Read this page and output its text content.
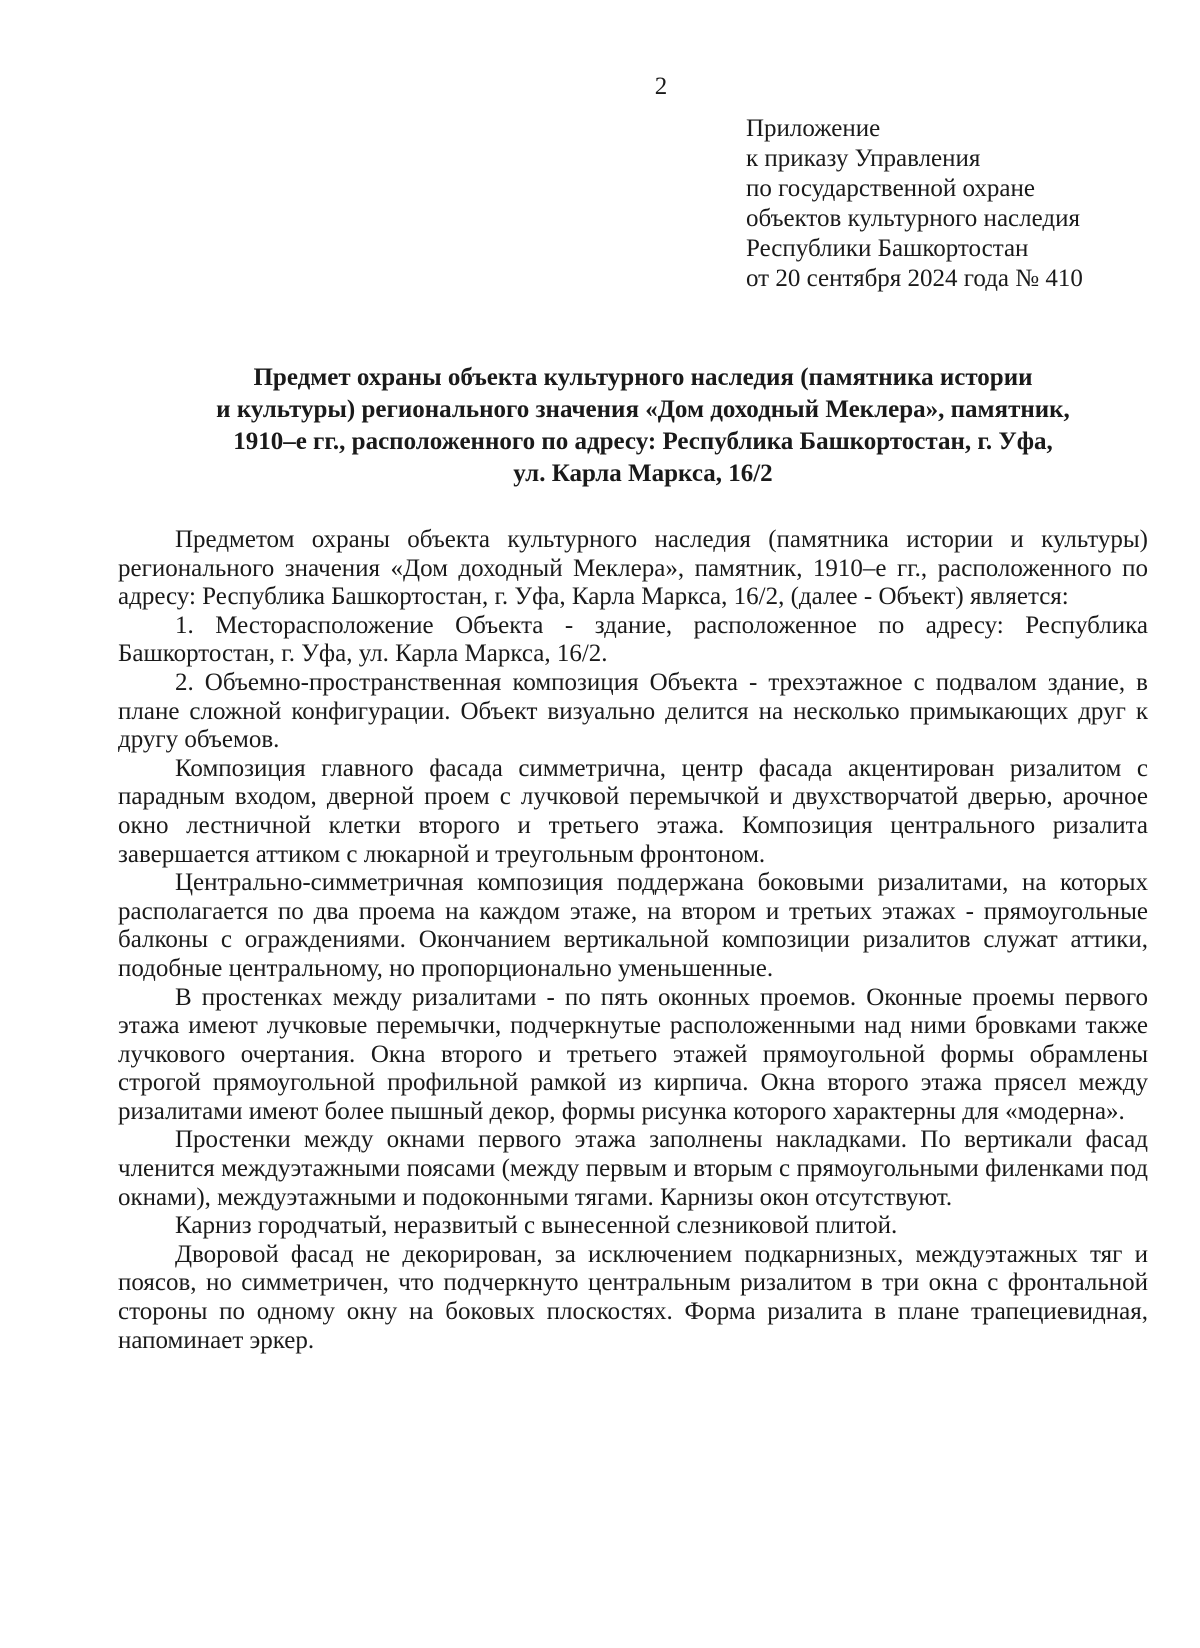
2
Приложение
к приказу Управления
по государственной охране
объектов культурного наследия
Республики Башкортостан
от 20 сентября 2024 года № 410
Предмет охраны объекта культурного наследия (памятника истории
и культуры) регионального значения «Дом доходный Меклера», памятник,
1910–е гг., расположенного по адресу: Республика Башкортостан, г. Уфа,
ул. Карла Маркса, 16/2

Предметом охраны объекта культурного наследия (памятника истории и культуры) регионального значения «Дом доходный Меклера», памятник, 1910–е гг., расположенного по адресу: Республика Башкортостан, г. Уфа, Карла Маркса, 16/2, (далее - Объект) является:

1. Месторасположение Объекта - здание, расположенное по адресу: Республика Башкортостан, г. Уфа, ул. Карла Маркса, 16/2.

2. Объемно-пространственная композиция Объекта - трехэтажное с подвалом здание, в плане сложной конфигурации. Объект визуально делится на несколько примыкающих друг к другу объемов.

Композиция главного фасада симметрична, центр фасада акцентирован ризалитом с парадным входом, дверной проем с лучковой перемычкой и двухстворчатой дверью, арочное окно лестничной клетки второго и третьего этажа. Композиция центрального ризалита завершается аттиком с люкарной и треугольным фронтоном.

Центрально-симметричная композиция поддержана боковыми ризалитами, на которых располагается по два проема на каждом этаже, на втором и третьих этажах - прямоугольные балконы с ограждениями. Окончанием вертикальной композиции ризалитов служат аттики, подобные центральному, но пропорционально уменьшенные.

В простенках между ризалитами - по пять оконных проемов. Оконные проемы первого этажа имеют лучковые перемычки, подчеркнутые расположенными над ними бровками также лучкового очертания. Окна второго и третьего этажей прямоугольной формы обрамлены строгой прямоугольной профильной рамкой из кирпича. Окна второго этажа прясел между ризалитами имеют более пышный декор, формы рисунка которого характерны для «модерна».

Простенки между окнами первого этажа заполнены накладками. По вертикали фасад членится междуэтажными поясами (между первым и вторым с прямоугольными филенками под окнами), междуэтажными и подоконными тягами. Карнизы окон отсутствуют.

Карниз городчатый, неразвитый с вынесенной слезниковой плитой.

Дворовой фасад не декорирован, за исключением подкарнизных, междуэтажных тяг и поясов, но симметричен, что подчеркнуто центральным ризалитом в три окна с фронтальной стороны по одному окну на боковых плоскостях. Форма ризалита в плане трапециевидная, напоминает эркер.
